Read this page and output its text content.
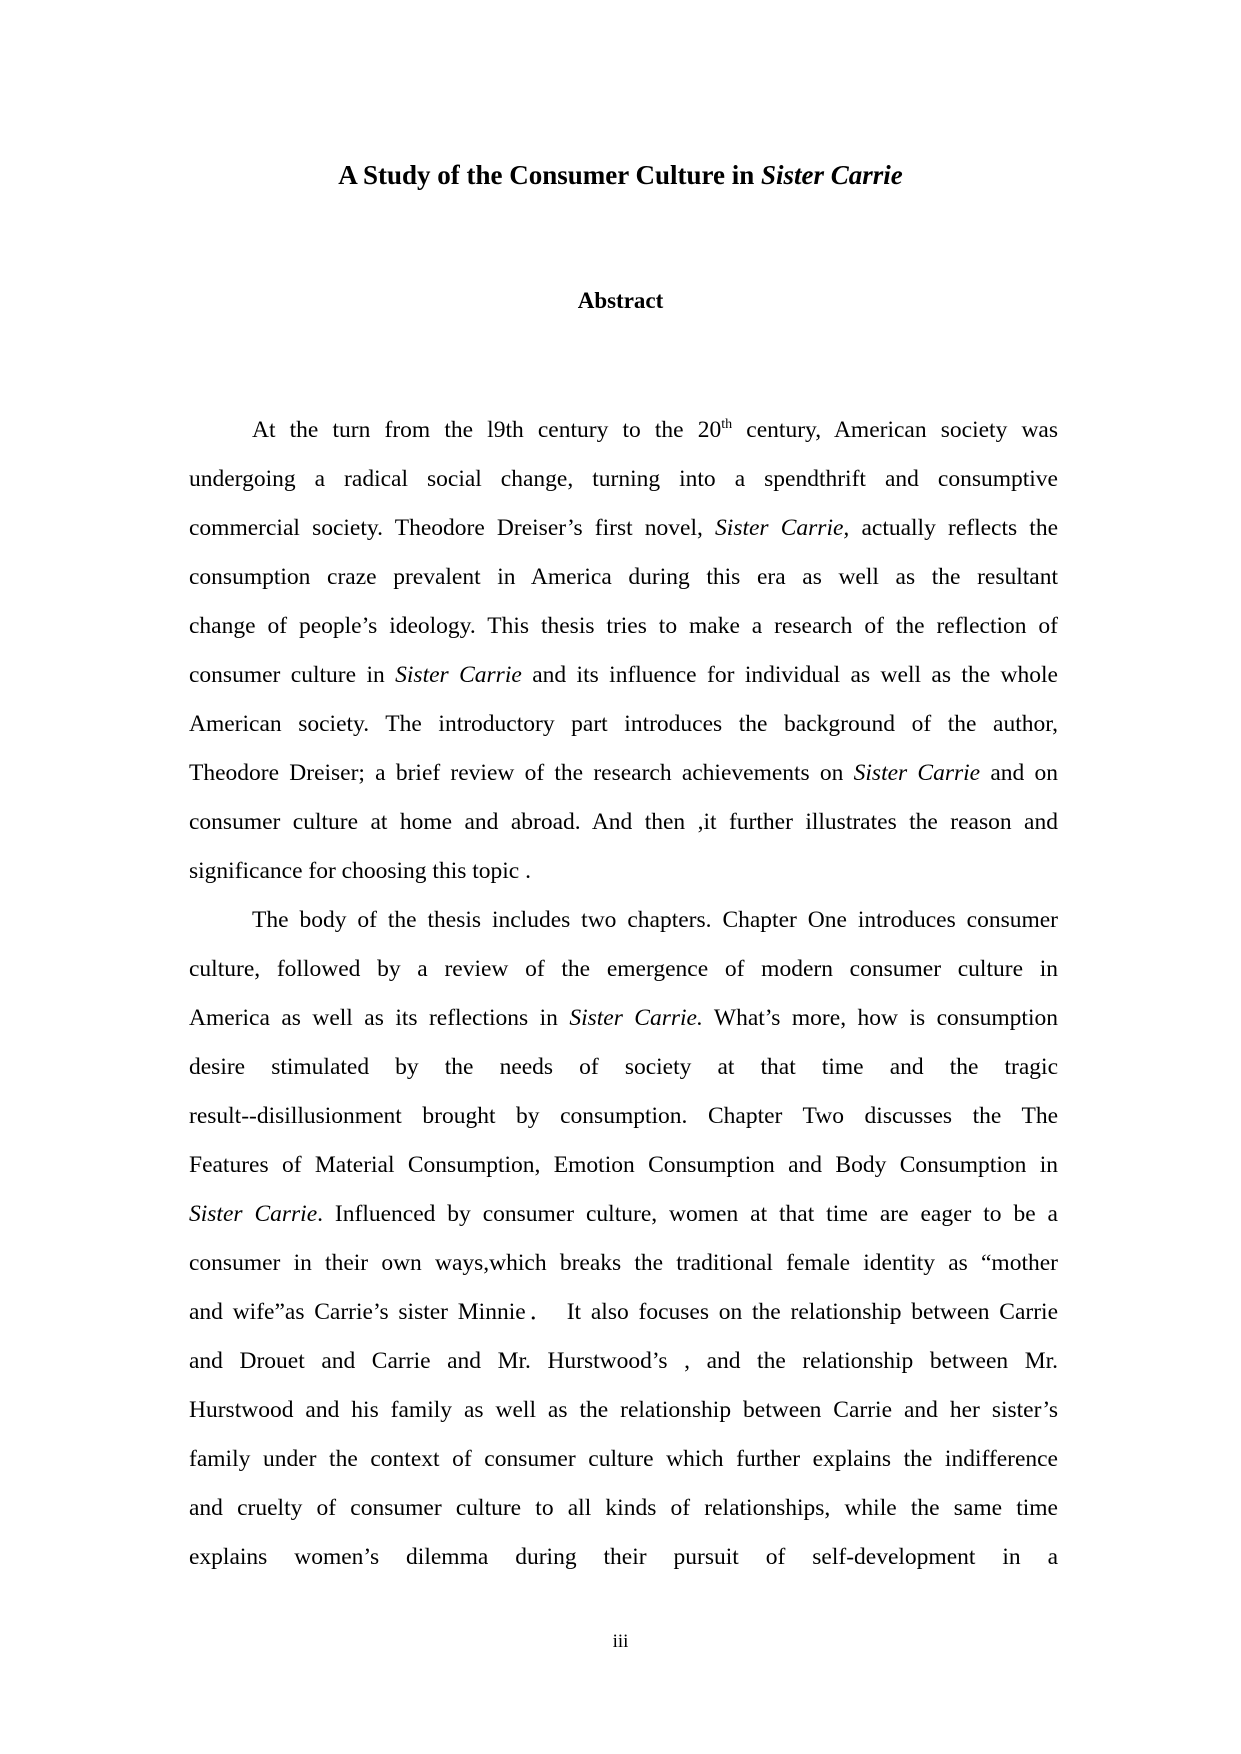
A Study of the Consumer Culture in Sister Carrie
Abstract
At the turn from the l9th century to the 20th century, American society was
undergoing a radical social change, turning into a spendthrift and consumptive
commercial society. Theodore Dreiser’s first novel, Sister Carrie, actually reflects the
consumption craze prevalent in America during this era as well as the resultant
change of people’s ideology. This thesis tries to make a research of the reflection of
consumer culture in Sister Carrie and its influence for individual as well as the whole
American society. The introductory part introduces the background of the author,
Theodore Dreiser; a brief review of the research achievements on Sister Carrie and on
consumer culture at home and abroad. And then ,it further illustrates the reason and
significance for choosing this topic .
The body of the thesis includes two chapters. Chapter One introduces consumer
culture, followed by a review of the emergence of modern consumer culture in
America as well as its reflections in Sister Carrie. What’s more, how is consumption
desire stimulated by the needs of society at that time and the tragic
result--disillusionment brought by consumption. Chapter Two discusses the The
Features of Material Consumption, Emotion Consumption and Body Consumption in
Sister Carrie. Influenced by consumer culture, women at that time are eager to be a
consumer in their own ways,which breaks the traditional female identity as “mother
and wife”as Carrie’s sister Minnie． It also focuses on the relationship between Carrie
and Drouet and Carrie and Mr. Hurstwood’s , and the relationship between Mr.
Hurstwood and his family as well as the relationship between Carrie and her sister’s
family under the context of consumer culture which further explains the indifference
and cruelty of consumer culture to all kinds of relationships, while the same time
explains women’s dilemma during their pursuit of self-development in a
iii
